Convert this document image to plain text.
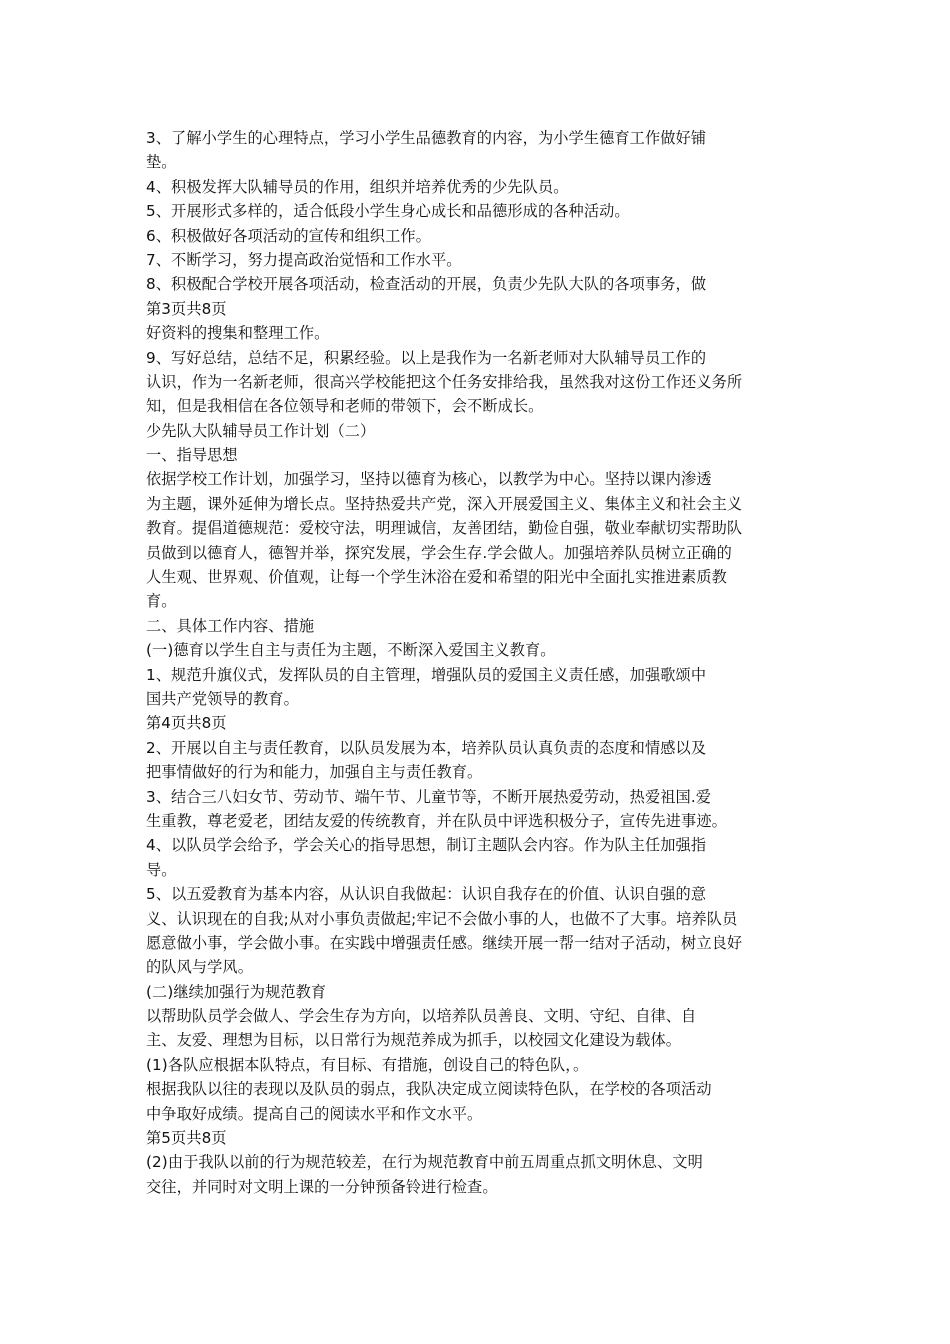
3、了解小学生的心理特点，学习小学生品德教育的内容，为小学生德育工作做好铺
垫。
4、积极发挥大队辅导员的作用，组织并培养优秀的少先队员。
5、开展形式多样的，适合低段小学生身心成长和品德形成的各种活动。
6、积极做好各项活动的宣传和组织工作。
7、不断学习，努力提高政治觉悟和工作水平。
8、积极配合学校开展各项活动，检查活动的开展，负责少先队大队的各项事务，做
第3页共8页
好资料的搜集和整理工作。
9、写好总结，总结不足，积累经验。以上是我作为一名新老师对大队辅导员工作的
认识，作为一名新老师，很高兴学校能把这个任务安排给我，虽然我对这份工作还义务所
知，但是我相信在各位领导和老师的带领下，会不断成长。
少先队大队辅导员工作计划（二）
一、指导思想
依据学校工作计划，加强学习，坚持以德育为核心，以教学为中心。坚持以课内渗透
为主题，课外延伸为增长点。坚持热爱共产党，深入开展爱国主义、集体主义和社会主义
教育。提倡道德规范：爱校守法，明理诚信，友善团结，勤俭自强，敬业奉献切实帮助队
员做到以德育人，德智并举，探究发展，学会生存.学会做人。加强培养队员树立正确的
人生观、世界观、价值观，让每一个学生沐浴在爱和希望的阳光中全面扎实推进素质教
育。
二、具体工作内容、措施
(一)德育以学生自主与责任为主题，不断深入爱国主义教育。
1、规范升旗仪式，发挥队员的自主管理，增强队员的爱国主义责任感，加强歌颂中
国共产党领导的教育。
第4页共8页
2、开展以自主与责任教育，以队员发展为本，培养队员认真负责的态度和情感以及
把事情做好的行为和能力，加强自主与责任教育。
3、结合三八妇女节、劳动节、端午节、儿童节等，不断开展热爱劳动，热爱祖国.爱
生重教，尊老爱老，团结友爱的传统教育，并在队员中评选积极分子，宣传先进事迹。
4、以队员学会给予，学会关心的指导思想，制订主题队会内容。作为队主任加强指
导。
5、以五爱教育为基本内容，从认识自我做起：认识自我存在的价值、认识自强的意
义、认识现在的自我;从对小事负责做起;牢记不会做小事的人，也做不了大事。培养队员
愿意做小事，学会做小事。在实践中增强责任感。继续开展一帮一结对子活动，树立良好
的队风与学风。
(二)继续加强行为规范教育
以帮助队员学会做人、学会生存为方向，以培养队员善良、文明、守纪、自律、自
主、友爱、理想为目标，以日常行为规范养成为抓手，以校园文化建设为载体。
(1)各队应根据本队特点，有目标、有措施，创设自己的特色队，。
根据我队以往的表现以及队员的弱点，我队决定成立阅读特色队，在学校的各项活动
中争取好成绩。提高自己的阅读水平和作文水平。
第5页共8页
(2)由于我队以前的行为规范较差，在行为规范教育中前五周重点抓文明休息、文明
交往，并同时对文明上课的一分钟预备铃进行检查。
